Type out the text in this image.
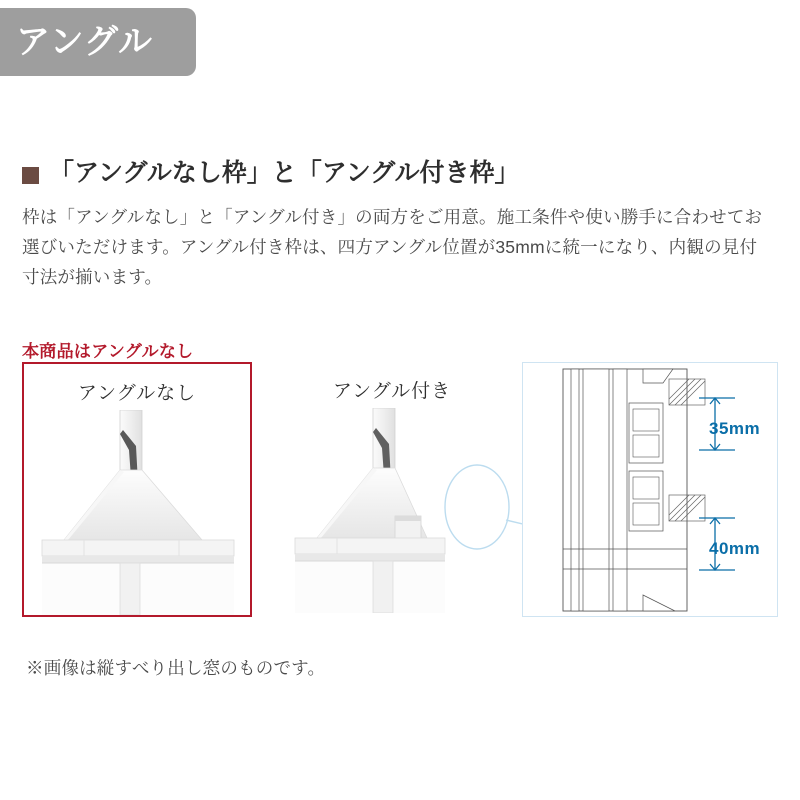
アングル
「アングルなし枠」と「アングル付き枠」
枠は「アングルなし」と「アングル付き」の両方をご用意。施工条件や使い勝手に合わせてお選びいただけます。アングル付き枠は、四方アングル位置が35mmに統一になり、内観の見付寸法が揃います。
本商品はアングルなし
アングルなし	アングル付き
35mm
40mm
※画像は縦すべり出し窓のものです。
